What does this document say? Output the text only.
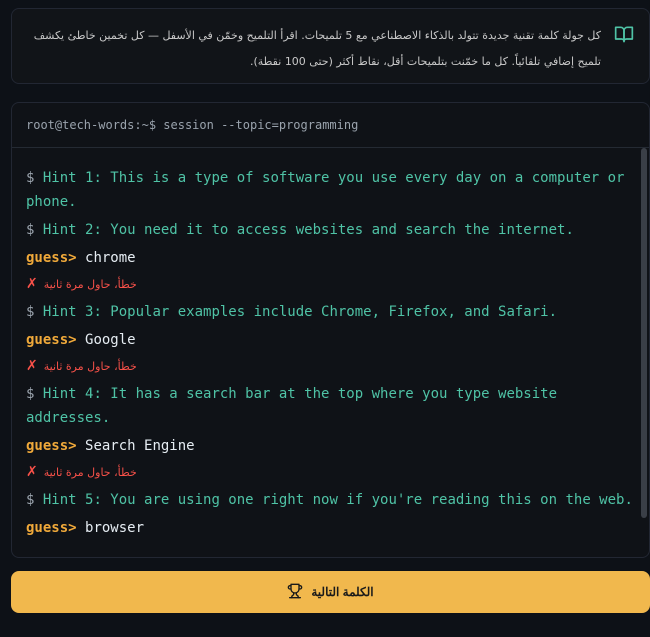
كل جولة كلمة تقنية جديدة تتولد بالذكاء الاصطناعي مع 5 تلميحات. اقرأ التلميح وخمّن في الأسفل — كل تخمين خاطئ يكشف تلميح إضافي تلقائياً. كل ما خمّنت بتلميحات أقل، نقاط أكثر (حتى 100 نقطة).
root@tech-words:~$ session --topic=programming
$ Hint 1: This is a type of software you use every day on a computer or phone.
$ Hint 2: You need it to access websites and search the internet.
guess> chrome
✗ خطأ، حاول مرة ثانية
$ Hint 3: Popular examples include Chrome, Firefox, and Safari.
guess> Google
✗ خطأ، حاول مرة ثانية
$ Hint 4: It has a search bar at the top where you type website addresses.
guess> Search Engine
✗ خطأ، حاول مرة ثانية
$ Hint 5: You are using one right now if you're reading this on the web.
guess> browser
الكلمة التالية
